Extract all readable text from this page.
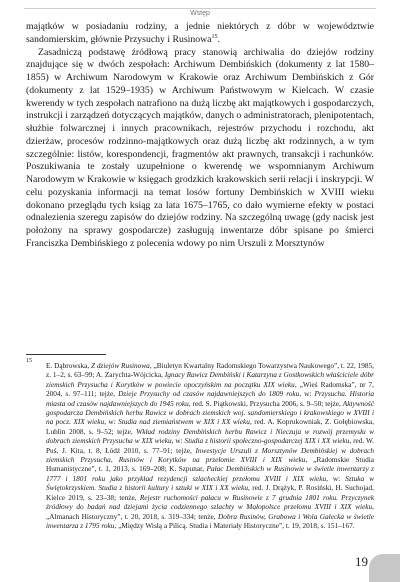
Wstęp

majątków w posiadaniu rodziny, a jednie niektórych z dóbr w województwie sandomierskim, głównie Przysuchy i Rusinowa$^{15}$.

Zasadniczą podstawę źródłową pracy stanowią archiwalia do dziejów rodziny znajdujące się w dwóch zespołach: Archiwum Dembińskich (dokumenty z lat 1580–1855) w Archiwum Narodowym w Krakowie oraz Archiwum Dembińskich z Gór (dokumenty z lat 1529–1935) w Archiwum Państwowym w Kielcach. W czasie kwerendy w tych zespołach natrafiono na dużą liczbę akt majątkowych i gospodarczych, instrukcji i zarządzeń dotyczących majątków, danych o administratorach, plenipotentach, służbie folwarcznej i innych pracownikach, rejestrów przychodu i rozchodu, akt dzierżaw, procesów rodzinno-majątkowych oraz dużą liczbę akt rodzinnych, a w tym szczególnie: listów, korespondencji, fragmentów akt prawnych, transakcji i rachunków. Poszukiwania te zostały uzupełnione o kwerendę we wspomnianym Archiwum Narodowym w Krakowie w księgach grodzkich krakowskich serii relacji i inskrypcji. W celu pozyskania informacji na temat losów fortuny Dembińskich w XVIII wieku dokonano przeglądu tych ksiąg za lata 1675–1765, co dało wymierne efekty w postaci odnalezienia szeregu zapisów do dziejów rodziny. Na szczególną uwagę (gdy nacisk jest położony na sprawy gospodarcze) zasługują inwentarze dóbr spisane po śmierci Franciszka Dembińskiego z polecenia wdowy po nim Urszuli z Morsztynów

15 E. Dąbrowska, Z dziejów Rusinowa, „Biuletyn Kwartalny Radomskiego Towarzystwa Naukowego”, t. 22, 1985, z. 1–2, s. 63–99; A. Zarychta-Wójcicka, Ignacy Rawicz Dembiński i Katarzyna z Gostkowskich właściciele dóbr ziemskich Przysucha i Korytków w powiecie opoczyńskim na początku XIX wieku, „Wieś Radomska”, nr 7, 2004, s. 97–111; tejże, Dzieje Przysuchy od czasów najdawniejszych do 1809 roku, w: Przysucha. Historia miasta od czasów najdawniejszych do 1945 roku, red. S. Piątkowski, Przysucha 2006, s. 9–50; tejże, Aktywność gospodarcza Dembińskich herbu Rawicz w dobrach ziemskich woj. sandomierskiego i krakowskiego w XVIII i na pocz. XIX wieku, w: Studia nad ziemiaństwem w XIX i XX wieku, red. A. Koprukowniak, Z. Gołębiowska, Lublin 2008, s. 9–52; tejże, Wkład rodziny Dembińskich herbu Rawicz i Nieczuja w rozwój przemysłu w dobrach ziemskich Przysucha w XIX wieku, w: Studia z historii społeczno-gospodarczej XIX i XX wieku, red. W. Puś, J. Kita, t. 8, Łódź 2010, s. 77–91; tejże, Inwestycje Urszuli z Morsztynów Dembińskiej w dobrach ziemskich Przysucha, Rusinów i Korytków na przełomie XVIII i XIX wieku, „Radomskie Studia Humanistyczne”, t. 1, 2013, s. 169–208; K. Szpunar, Pałac Dembińskich w Rusinowie w świetle inwentarzy z 1777 i 1801 roku jako przykład rezydencji szlacheckiej przełomu XVIII i XIX wieku, w: Sztuka w Świętokrzyskiem. Studia z historii kultury i sztuki w XIX i XX wieku, red. J. Drążyk, P. Rosiński, H. Suchojad, Kielce 2019, s. 23–38; tenże, Rejestr ruchomości pałacu w Rusinowie z 7 grudnia 1801 roku. Przyczynek źródłowy do badań nad dziejami życia codziennego szlachty w Małopolsce przełomu XVIII i XIX wieku, „Almanach Historyczny”, t. 20, 2018, s. 319–334; tenże, Dobra Rusinów, Grabowa i Wola Gałecka w świetle inwentarza z 1795 roku, „Między Wisłą a Pilicą. Studia i Materiały Historyczne”, t. 19, 2018, s. 151–167.

19
